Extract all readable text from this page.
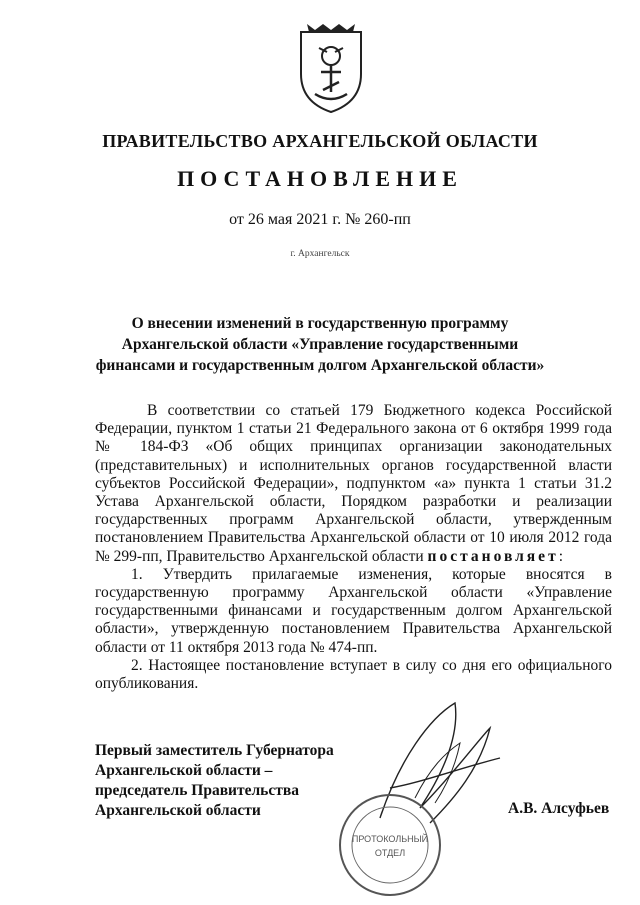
ПРАВИТЕЛЬСТВО АРХАНГЕЛЬСКОЙ ОБЛАСТИ
ПОСТАНОВЛЕНИЕ
от 26 мая 2021 г. № 260-пп
г. Архангельск
О внесении изменений в государственную программу
Архангельской области «Управление государственными
финансами и государственным долгом Архангельской области»

В соответствии со статьей 179 Бюджетного кодекса Российской Федерации, пунктом 1 статьи 21 Федерального закона от 6 октября 1999 года № 184-ФЗ «Об общих принципах организации законодательных (представительных) и исполнительных органов государственной власти субъектов Российской Федерации», подпунктом «а» пункта 1 статьи 31.2 Устава Архангельской области, Порядком разработки и реализации государственных программ Архангельской области, утвержденным постановлением Правительства Архангельской области от 10 июля 2012 года № 299-пп, Правительство Архангельской области постановляет:

1. Утвердить прилагаемые изменения, которые вносятся в государственную программу Архангельской области «Управление государственными финансами и государственным долгом Архангельской области», утвержденную постановлением Правительства Архангельской области от 11 октября 2013 года № 474-пп.

2. Настоящее постановление вступает в силу со дня его официального опубликования.

Первый заместитель Губернатора
Архангельской области –
председатель Правительства
Архангельской области	А.В. Алсуфьев
ПРОТОКОЛЬНЫЙ
ОТДЕЛ
